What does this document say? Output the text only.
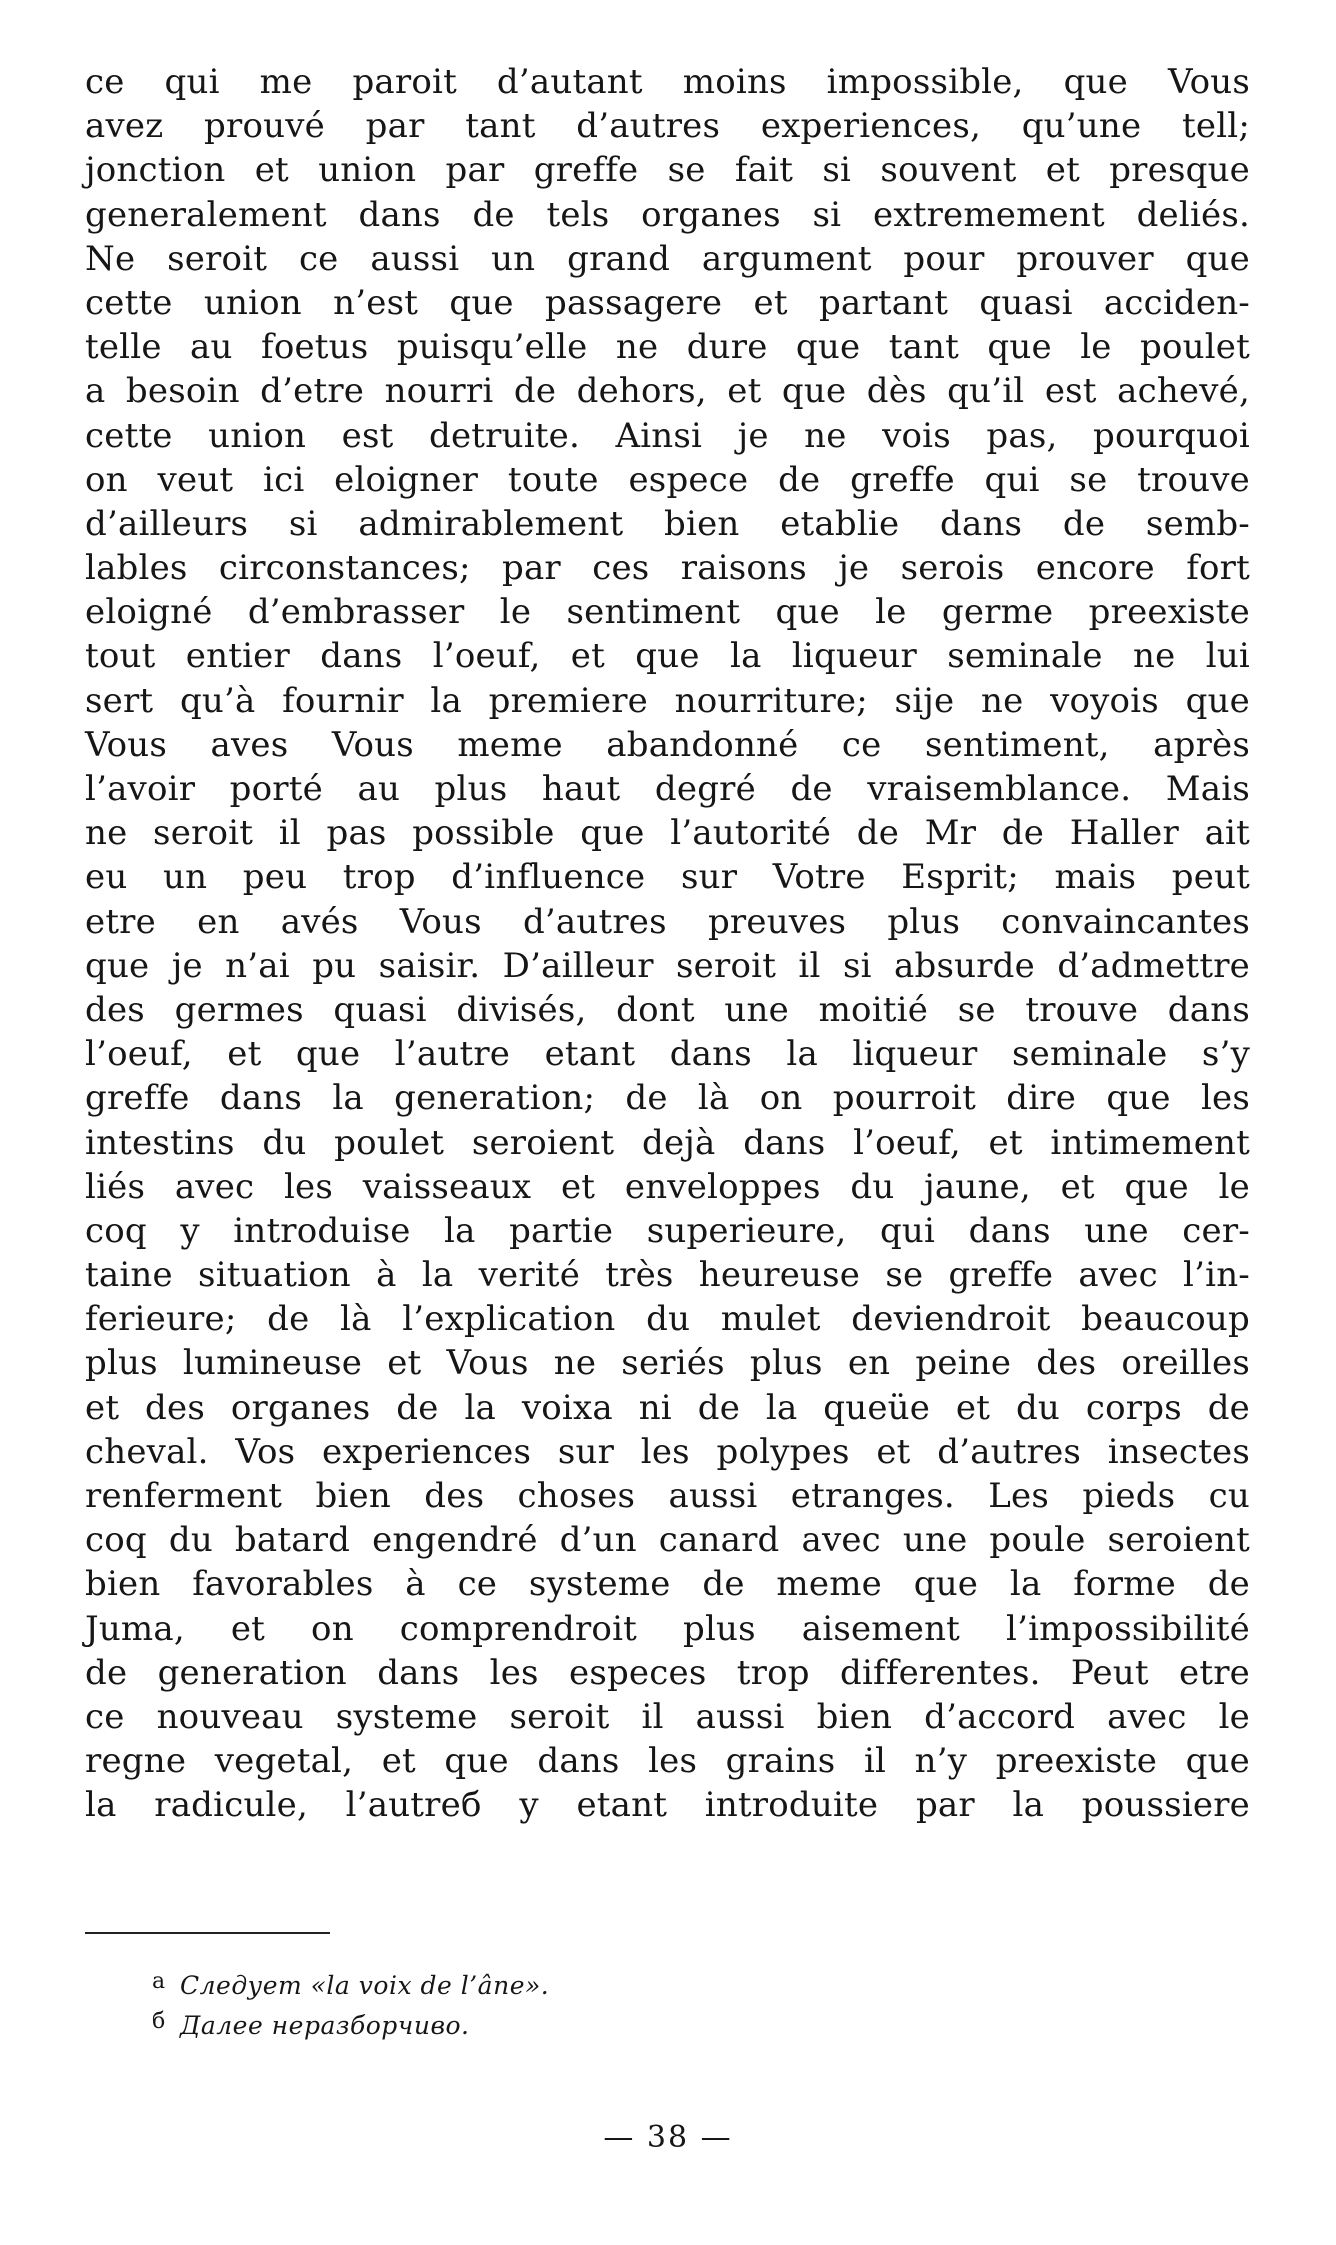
ce qui me paroit d’autant moins impossible, que Vous
avez prouvé par tant d’autres experiences, qu’une tell;
jonction et union par greffe se fait si souvent et presque
generalement dans de tels organes si extremement deliés.
Ne seroit ce aussi un grand argument pour prouver que
cette union n’est que passagere et partant quasi acciden-
telle au foetus puisqu’elle ne dure que tant que le poulet
a besoin d’etre nourri de dehors, et que dès qu’il est achevé,
cette union est detruite. Ainsi je ne vois pas, pourquoi
on veut ici eloigner toute espece de greffe qui se trouve
d’ailleurs si admirablement bien etablie dans de semb-
lables circonstances; par ces raisons je serois encore fort
eloigné d’embrasser le sentiment que le germe preexiste
tout entier dans l’oeuf, et que la liqueur seminale ne lui
sert qu’à fournir la premiere nourriture; sije ne voyois que
Vous aves Vous meme abandonné ce sentiment, après
l’avoir porté au plus haut degré de vraisemblance. Mais
ne seroit il pas possible que l’autorité de Mr de Haller ait
eu un peu trop d’influence sur Votre Esprit; mais peut
etre en avés Vous d’autres preuves plus convaincantes
que je n’ai pu saisir. D’ailleur seroit il si absurde d’admettre
des germes quasi divisés, dont une moitié se trouve dans
l’oeuf, et que l’autre etant dans la liqueur seminale s’y
greffe dans la generation; de là on pourroit dire que les
intestins du poulet seroient dejà dans l’oeuf, et intimement
liés avec les vaisseaux et enveloppes du jaune, et que le
coq y introduise la partie superieure, qui dans une cer-
taine situation à la verité très heureuse se greffe avec l’in-
ferieure; de là l’explication du mulet deviendroit beaucoup
plus lumineuse et Vous ne seriés plus en peine des oreilles
et des organes de la voixa ni de la queüe et du corps de
cheval. Vos experiences sur les polypes et d’autres insectes
renferment bien des choses aussi etranges. Les pieds cu
coq du batard engendré d’un canard avec une poule seroient
bien favorables à ce systeme de meme que la forme de
Juma, et on comprendroit plus aisement l’impossibilité
de generation dans les especes trop differentes. Peut etre
ce nouveau systeme seroit il aussi bien d’accord avec le
regne vegetal, et que dans les grains il n’y preexiste que
la radicule, l’autreб y etant introduite par la poussiere
а Следует «la voix de l’âne».
б Далее неразборчиво.
— 38 —
